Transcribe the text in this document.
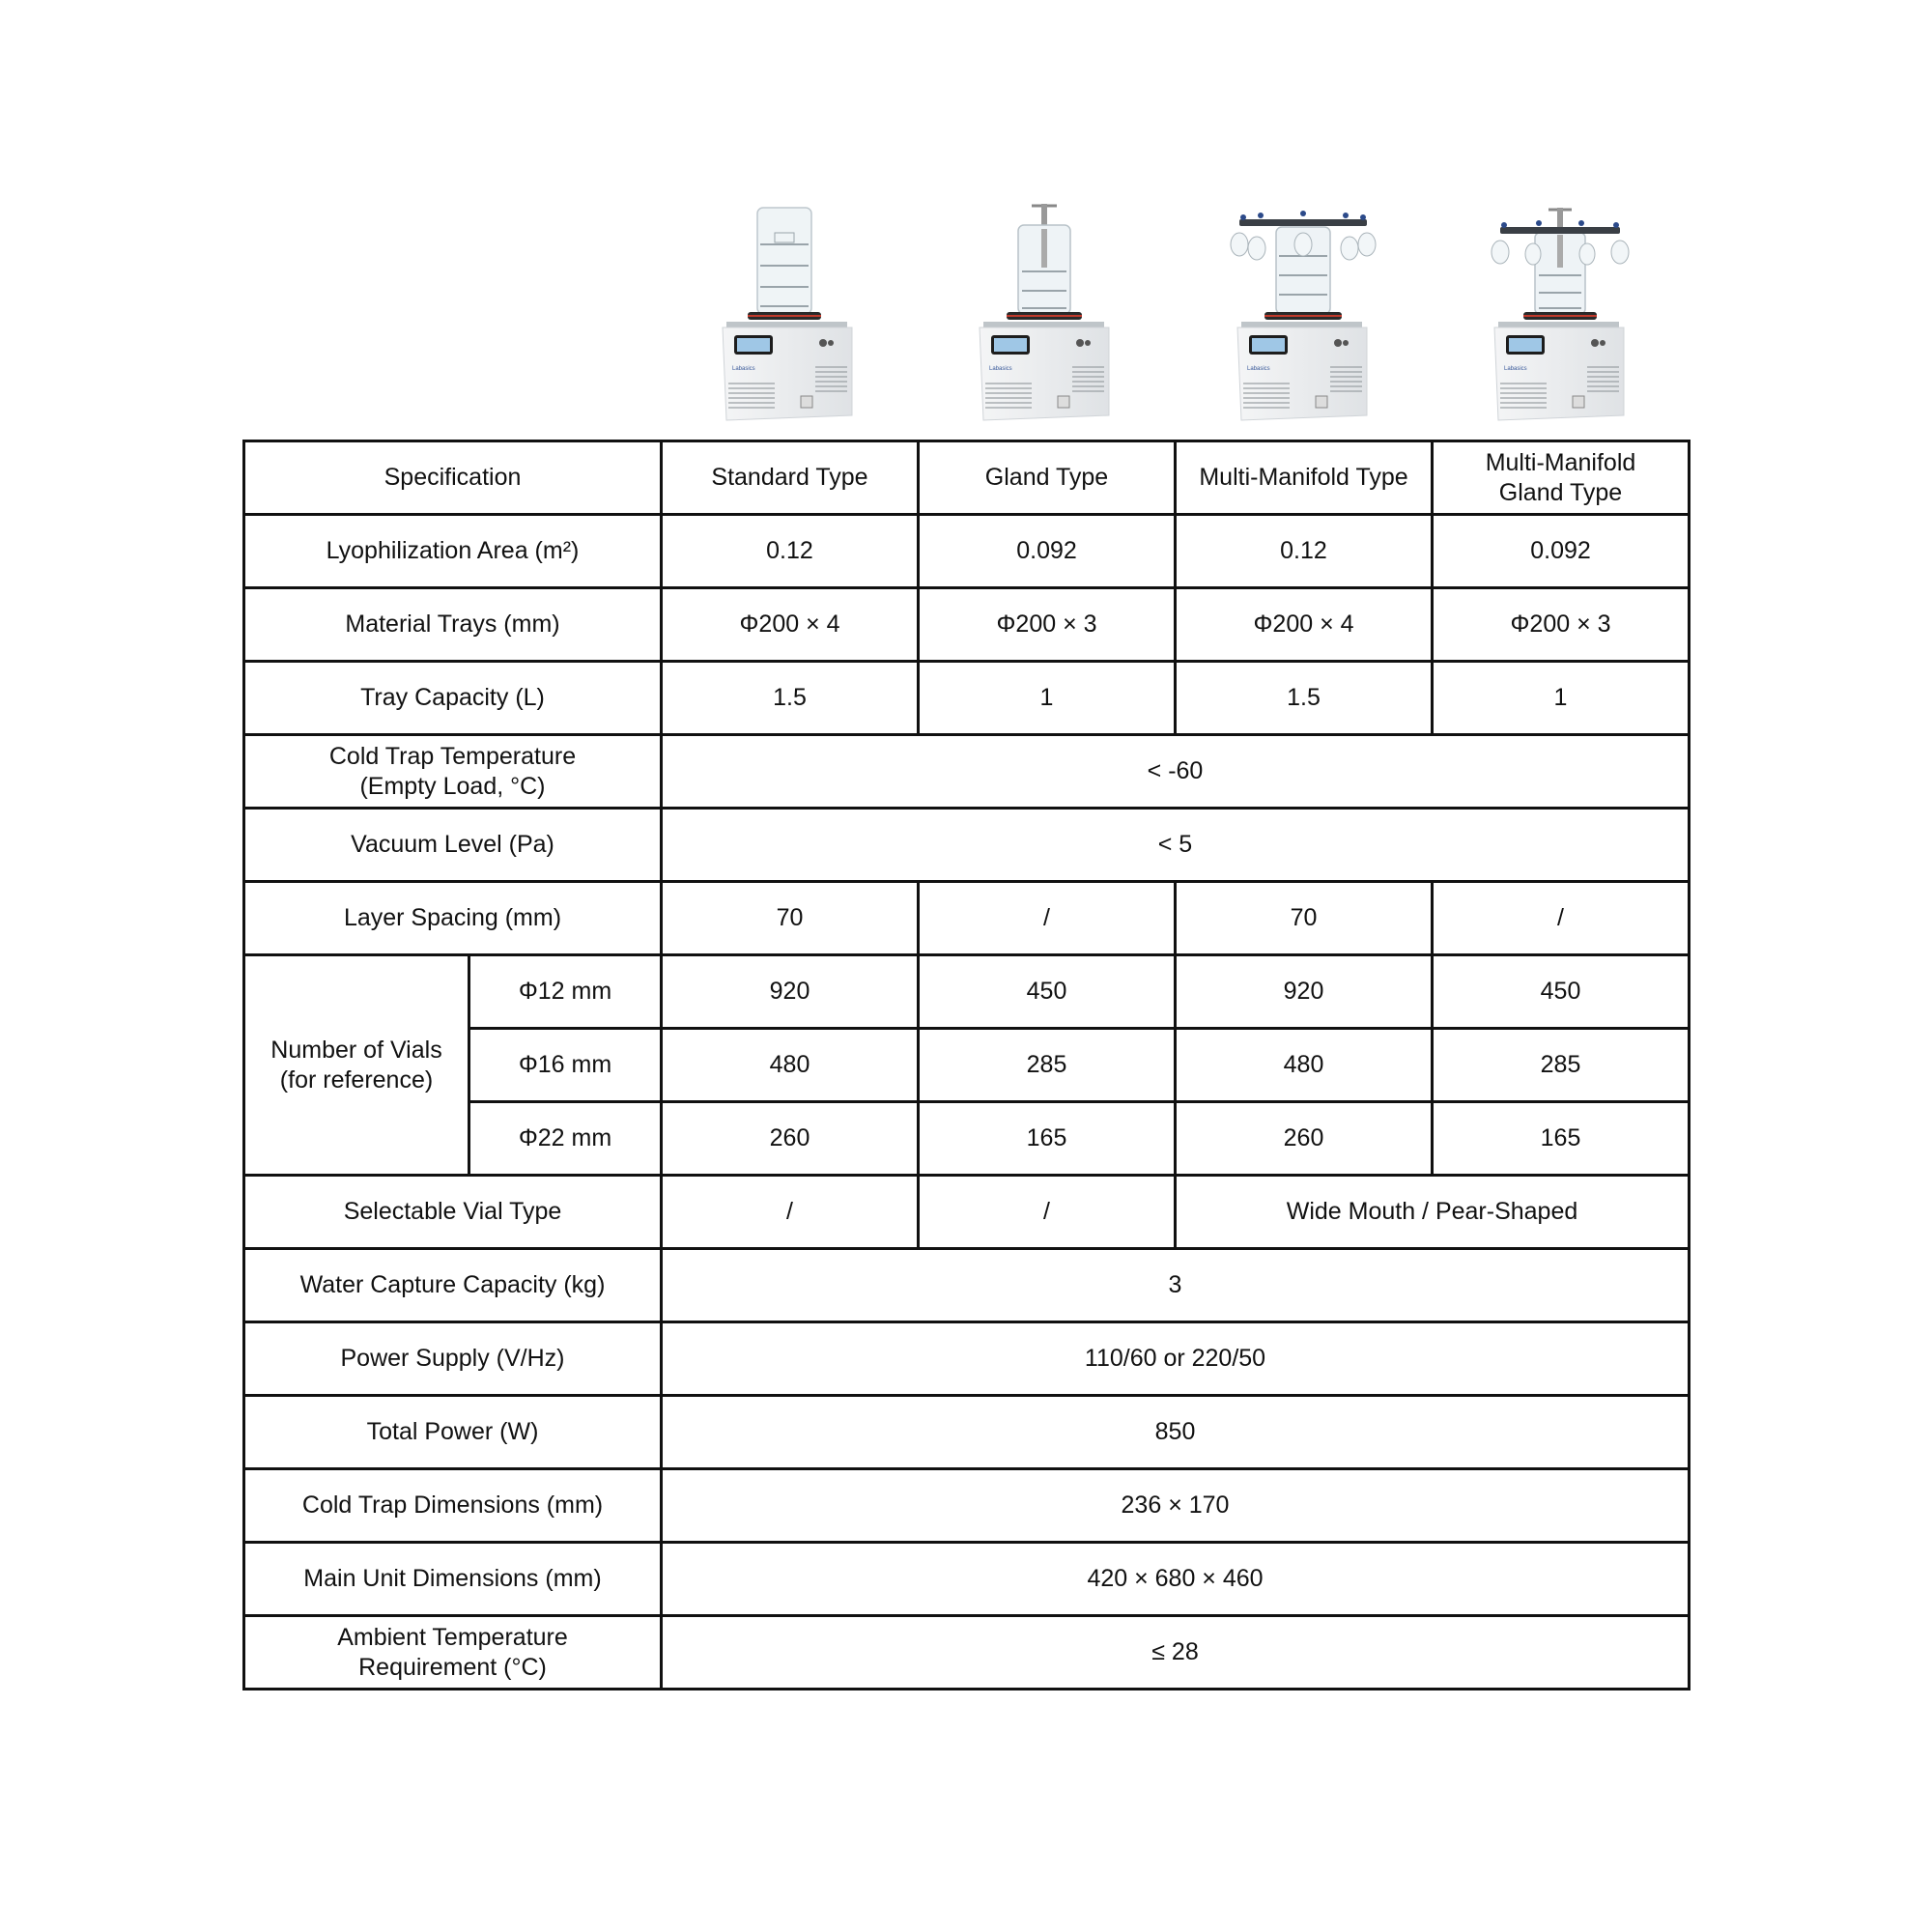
Labasics	Labasics	Labasics	Labasics
Specification		Standard Type	Gland Type	Multi-Manifold Type	Multi-Manifold
Gland Type
Lyophilization Area (m²)		0.12	0.092	0.12	0.092
Material Trays (mm)		Φ200 × 4	Φ200 × 3	Φ200 × 4	Φ200 × 3
Tray Capacity (L)		1.5	1	1.5	1
Cold Trap Temperature
(Empty Load, °C)		< -60			
Vacuum Level (Pa)		< 5			
Layer Spacing (mm)		70	/	70	/
Number of Vials
(for reference)	Φ12 mm	920	450	920	450
	Φ16 mm	480	285	480	285
	Φ22 mm	260	165	260	165
Selectable Vial Type		/	/	Wide Mouth / Pear-Shaped	
Water Capture Capacity (kg)		3			
Power Supply (V/Hz)		110/60 or 220/50			
Total Power (W)		850			
Cold Trap Dimensions (mm)		236 × 170			
Main Unit Dimensions (mm)		420 × 680 × 460			
Ambient Temperature
Requirement (°C)		≤ 28			
